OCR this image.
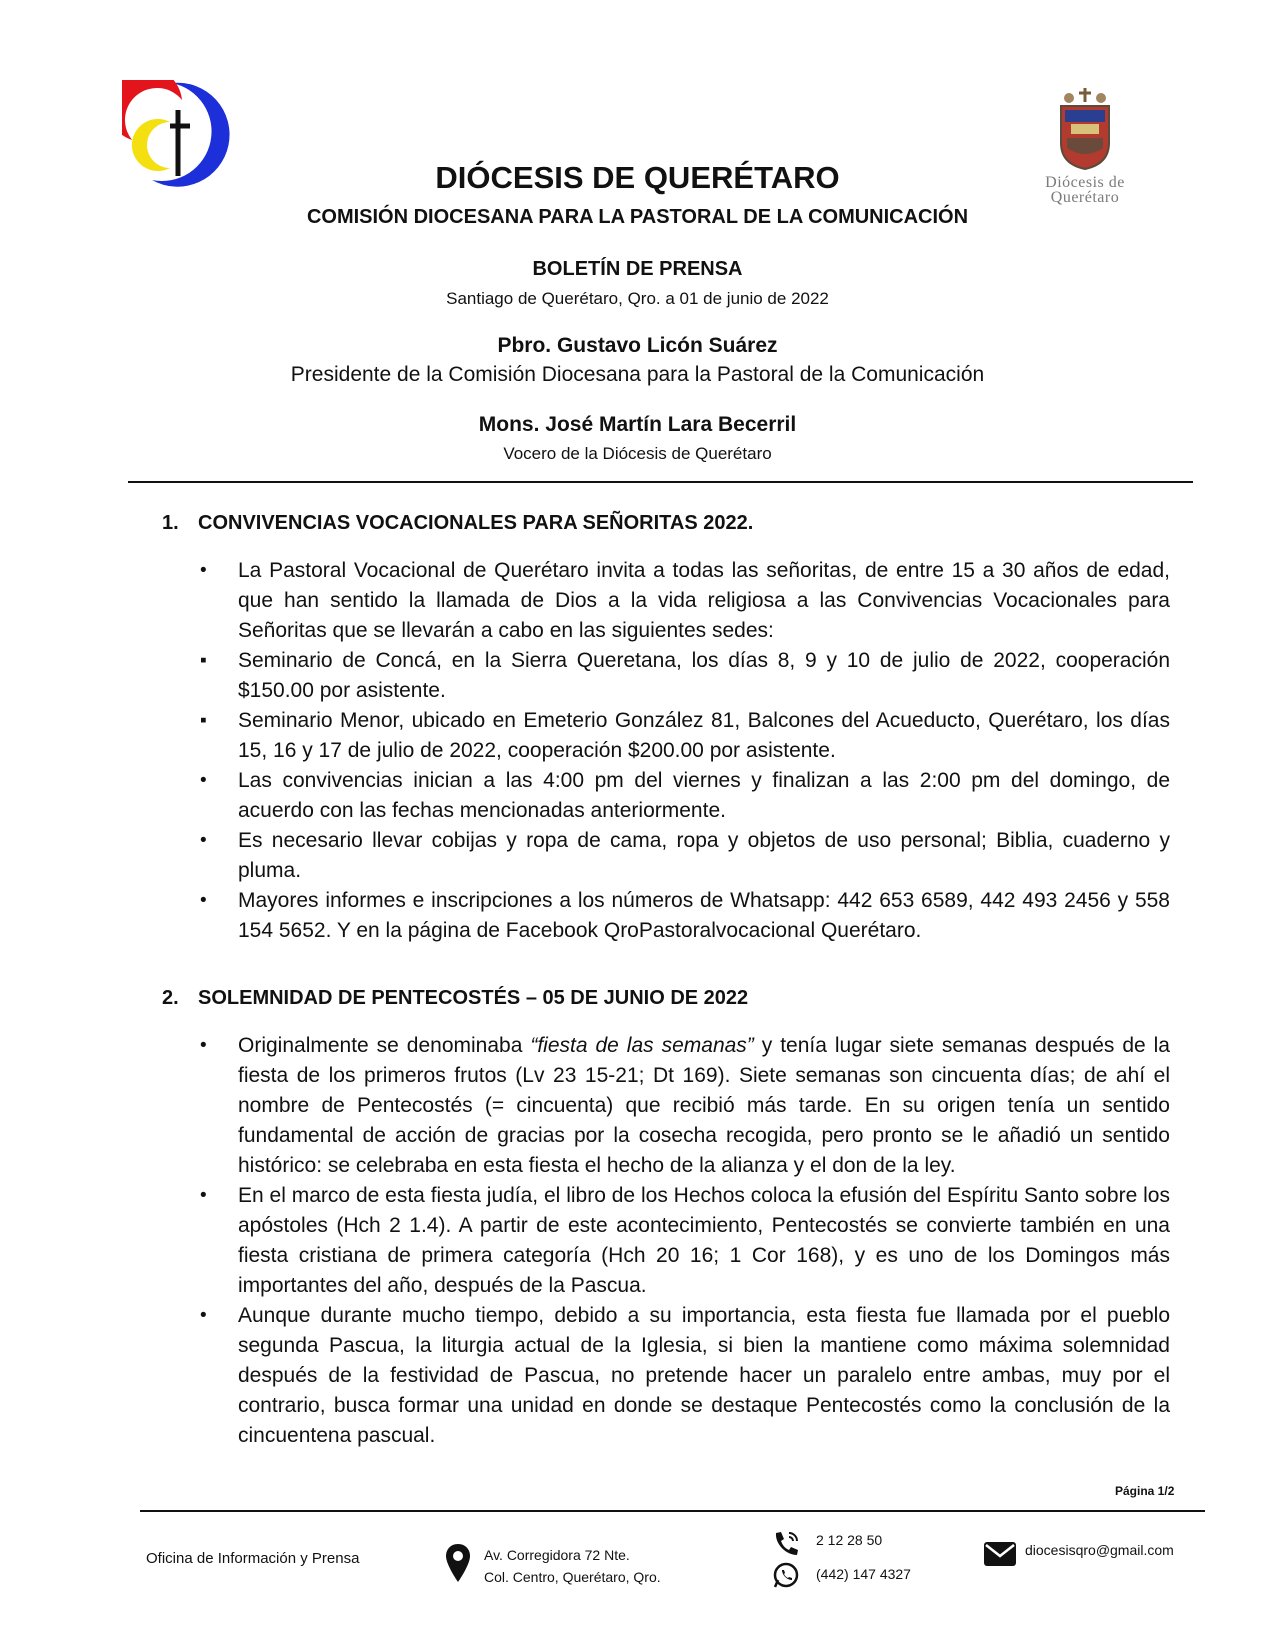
Diócesis de
Querétaro
DIÓCESIS DE QUERÉTARO
COMISIÓN DIOCESANA PARA LA PASTORAL DE LA COMUNICACIÓN
BOLETÍN DE PRENSA
Santiago de Querétaro, Qro. a 01 de junio de 2022
Pbro. Gustavo Licón Suárez
Presidente de la Comisión Diocesana para la Pastoral de la Comunicación
Mons. José Martín Lara Becerril
Vocero de la Diócesis de Querétaro
1. CONVIVENCIAS VOCACIONALES PARA SEÑORITAS 2022.
•	La Pastoral Vocacional de Querétaro invita a todas las señoritas, de entre 15 a 30 años de edad, que han sentido la llamada de Dios a la vida religiosa a las Convivencias Vocacionales para Señoritas que se llevarán a cabo en las siguientes sedes:
▪	Seminario de Concá, en la Sierra Queretana, los días 8, 9 y 10 de julio de 2022, cooperación $150.00 por asistente.
▪	Seminario Menor, ubicado en Emeterio González 81, Balcones del Acueducto, Querétaro, los días 15, 16 y 17 de julio de 2022, cooperación $200.00 por asistente.
•	Las convivencias inician a las 4:00 pm del viernes y finalizan a las 2:00 pm del domingo, de acuerdo con las fechas mencionadas anteriormente.
•	Es necesario llevar cobijas y ropa de cama, ropa y objetos de uso personal; Biblia, cuaderno y pluma.
•	Mayores informes e inscripciones a los números de Whatsapp: 442 653 6589, 442 493 2456 y 558 154 5652. Y en la página de Facebook QroPastoralvocacional Querétaro.
2. SOLEMNIDAD DE PENTECOSTÉS – 05 DE JUNIO DE 2022
•	Originalmente se denominaba “fiesta de las semanas” y tenía lugar siete semanas después de la fiesta de los primeros frutos (Lv 23 15-21; Dt 169). Siete semanas son cincuenta días; de ahí el nombre de Pentecostés (= cincuenta) que recibió más tarde. En su origen tenía un sentido fundamental de acción de gracias por la cosecha recogida, pero pronto se le añadió un sentido histórico: se celebraba en esta fiesta el hecho de la alianza y el don de la ley.
•	En el marco de esta fiesta judía, el libro de los Hechos coloca la efusión del Espíritu Santo sobre los apóstoles (Hch 2 1.4). A partir de este acontecimiento, Pentecostés se convierte también en una fiesta cristiana de primera categoría (Hch 20 16; 1 Cor 168), y es uno de los Domingos más importantes del año, después de la Pascua.
•	Aunque durante mucho tiempo, debido a su importancia, esta fiesta fue llamada por el pueblo segunda Pascua, la liturgia actual de la Iglesia, si bien la mantiene como máxima solemnidad después de la festividad de Pascua, no pretende hacer un paralelo entre ambas, muy por el contrario, busca formar una unidad en donde se destaque Pentecostés como la conclusión de la cincuentena pascual.
Página 1/2
Oficina de Información y Prensa	Av. Corregidora 72 Nte.
Col. Centro, Querétaro, Qro.
2 12 28 50
(442) 147 4327
diocesisqro@gmail.com
